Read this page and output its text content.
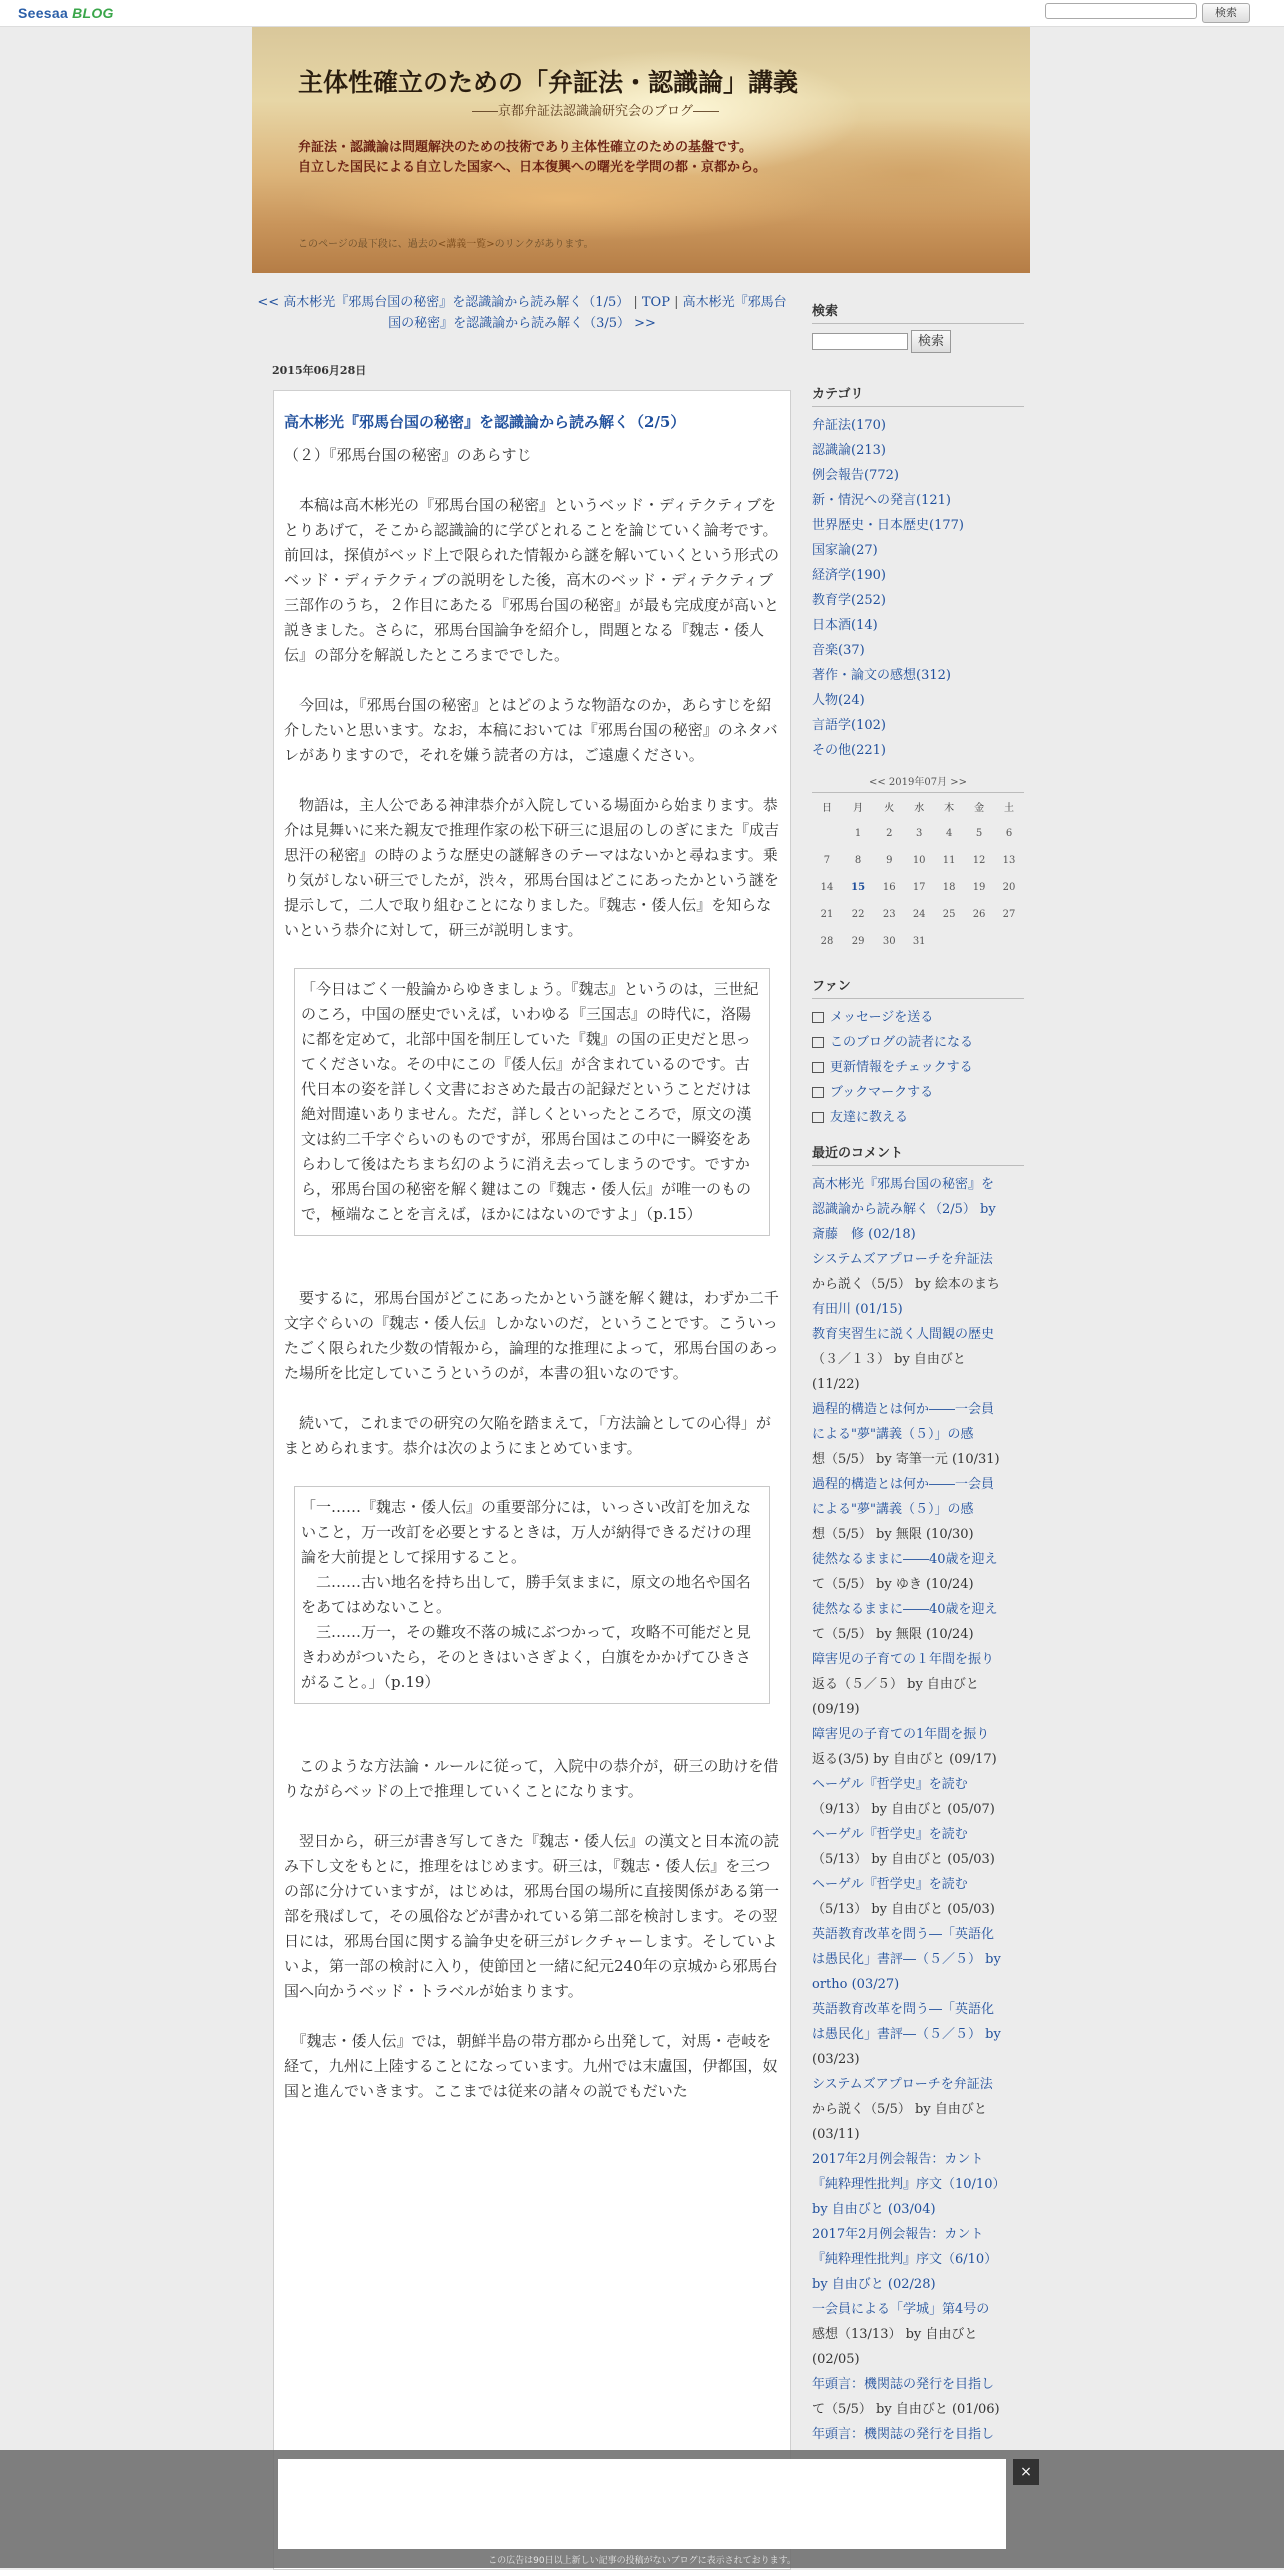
Seesaa BLOG	検索
主体性確立のための「弁証法・認識論」講義
――京都弁証法認識論研究会のブログ――
弁証法・認識論は問題解決のための技術であり主体性確立のための基盤です。
自立した国民による自立した国家へ、日本復興への曙光を学問の都・京都から。
このページの最下段に、過去の<講義一覧>のリンクがあります。
<< 高木彬光『邪馬台国の秘密』を認識論から読み解く（1/5） | TOP | 高木彬光『邪馬台国の秘密』を認識論から読み解く（3/5） >>
2015年06月28日
高木彬光『邪馬台国の秘密』を認識論から読み解く（2/5）

（２）『邪馬台国の秘密』のあらすじ

　本稿は高木彬光の『邪馬台国の秘密』というベッド・ディテクティブをとりあげて，そこから認識論的に学びとれることを論じていく論考です。前回は，探偵がベッド上で限られた情報から謎を解いていくという形式のベッド・ディテクティブの説明をした後，高木のベッド・ディテクティブ三部作のうち，２作目にあたる『邪馬台国の秘密』が最も完成度が高いと説きました。さらに，邪馬台国論争を紹介し，問題となる『魏志・倭人伝』の部分を解説したところまででした。

　今回は，『邪馬台国の秘密』とはどのような物語なのか，あらすじを紹介したいと思います。なお，本稿においては『邪馬台国の秘密』のネタバレがありますので，それを嫌う読者の方は，ご遠慮ください。

　物語は，主人公である神津恭介が入院している場面から始まります。恭介は見舞いに来た親友で推理作家の松下研三に退屈のしのぎにまた『成吉思汗の秘密』の時のような歴史の謎解きのテーマはないかと尋ねます。乗り気がしない研三でしたが，渋々，邪馬台国はどこにあったかという謎を提示して，二人で取り組むことになりました。『魏志・倭人伝』を知らないという恭介に対して，研三が説明します。

「今日はごく一般論からゆきましょう。『魏志』というのは，三世紀のころ，中国の歴史でいえば，いわゆる『三国志』の時代に，洛陽に都を定めて，北部中国を制圧していた『魏』の国の正史だと思ってくださいな。その中にこの『倭人伝』が含まれているのです。古代日本の姿を詳しく文書におさめた最古の記録だということだけは絶対間違いありません。ただ，詳しくといったところで，原文の漢文は約二千字ぐらいのものですが，邪馬台国はこの中に一瞬姿をあらわして後はたちまち幻のように消え去ってしまうのです。ですから，邪馬台国の秘密を解く鍵はこの『魏志・倭人伝』が唯一のもので，極端なことを言えば，ほかにはないのですよ」（p.15）

　要するに，邪馬台国がどこにあったかという謎を解く鍵は，わずか二千文字ぐらいの『魏志・倭人伝』しかないのだ，ということです。こういったごく限られた少数の情報から，論理的な推理によって，邪馬台国のあった場所を比定していこうというのが，本書の狙いなのです。

　続いて，これまでの研究の欠陥を踏まえて，「方法論としての心得」がまとめられます。恭介は次のようにまとめています。

「一……『魏志・倭人伝』の重要部分には，いっさい改訂を加えないこと，万一改訂を必要とするときは，万人が納得できるだけの理論を大前提として採用すること。

　二……古い地名を持ち出して，勝手気ままに，原文の地名や国名をあてはめないこと。

　三……万一，その難攻不落の城にぶつかって，攻略不可能だと見きわめがついたら，そのときはいさぎよく，白旗をかかげてひきさがること。」（p.19）

　このような方法論・ルールに従って，入院中の恭介が，研三の助けを借りながらベッドの上で推理していくことになります。

　翌日から，研三が書き写してきた『魏志・倭人伝』の漢文と日本流の読み下し文をもとに，推理をはじめます。研三は，『魏志・倭人伝』を三つの部に分けていますが，はじめは，邪馬台国の場所に直接関係がある第一部を飛ばして，その風俗などが書かれている第二部を検討します。その翌日には，邪馬台国に関する論争史を研三がレクチャーします。そしていよいよ，第一部の検討に入り，使節団と一緒に紀元240年の京城から邪馬台国へ向かうベッド・トラベルが始まります。

　『魏志・倭人伝』では，朝鮮半島の帯方郡から出発して，対馬・壱岐を経て，九州に上陸することになっています。九州では末盧国，伊都国，奴国と進んでいきます。ここまでは従来の諸々の説でもだいた

検索
検索
カテゴリ
弁証法(170)
認識論(213)
例会報告(772)
新・情況への発言(121)
世界歴史・日本歴史(177)
国家論(27)
経済学(190)
教育学(252)
日本酒(14)
音楽(37)
著作・論文の感想(312)
人物(24)
言語学(102)
その他(221)
<< 2019年07月 >>
日	月	火	水	木	金	土
	1	2	3	4	5	6
7	8	9	10	11	12	13
14	15	16	17	18	19	20
21	22	23	24	25	26	27
28	29	30	31			
ファン
メッセージを送る
このブログの読者になる
更新情報をチェックする
ブックマークする
友達に教える
最近のコメント
高木彬光『邪馬台国の秘密』を
認識論から読み解く（2/5） by
斎藤　修 (02/18)
システムズアプローチを弁証法
から説く（5/5） by 絵本のまち
有田川 (01/15)
教育実習生に説く人間観の歴史
（３／１３） by 自由びと
(11/22)
過程的構造とは何か――一会員
による"夢"講義（５）」の感
想（5/5） by 寄筆一元 (10/31)
過程的構造とは何か――一会員
による"夢"講義（５）」の感
想（5/5） by 無限 (10/30)
徒然なるままに――40歳を迎え
て（5/5） by ゆき (10/24)
徒然なるままに――40歳を迎え
て（5/5） by 無限 (10/24)
障害児の子育ての１年間を振り
返る（５／５） by 自由びと
(09/19)
障害児の子育ての1年間を振り
返る(3/5) by 自由びと (09/17)
ヘーゲル『哲学史』を読む
（9/13） by 自由びと (05/07)
ヘーゲル『哲学史』を読む
（5/13） by 自由びと (05/03)
ヘーゲル『哲学史』を読む
（5/13） by 自由びと (05/03)
英語教育改革を問う―「英語化
は愚民化」書評―（５／５） by
ortho (03/27)
英語教育改革を問う―「英語化
は愚民化」書評―（５／５） by
(03/23)
システムズアプローチを弁証法
から説く（5/5） by 自由びと
(03/11)
2017年2月例会報告：カント
『純粋理性批判』序文（10/10）
by 自由びと (03/04)
2017年2月例会報告：カント
『純粋理性批判』序文（6/10）
by 自由びと (02/28)
一会員による「学城」第4号の
感想（13/13） by 自由びと
(02/05)
年頭言：機関誌の発行を目指し
て（5/5） by 自由びと (01/06)
年頭言：機関誌の発行を目指し
×
この広告は90日以上新しい記事の投稿がないブログに表示されております。
